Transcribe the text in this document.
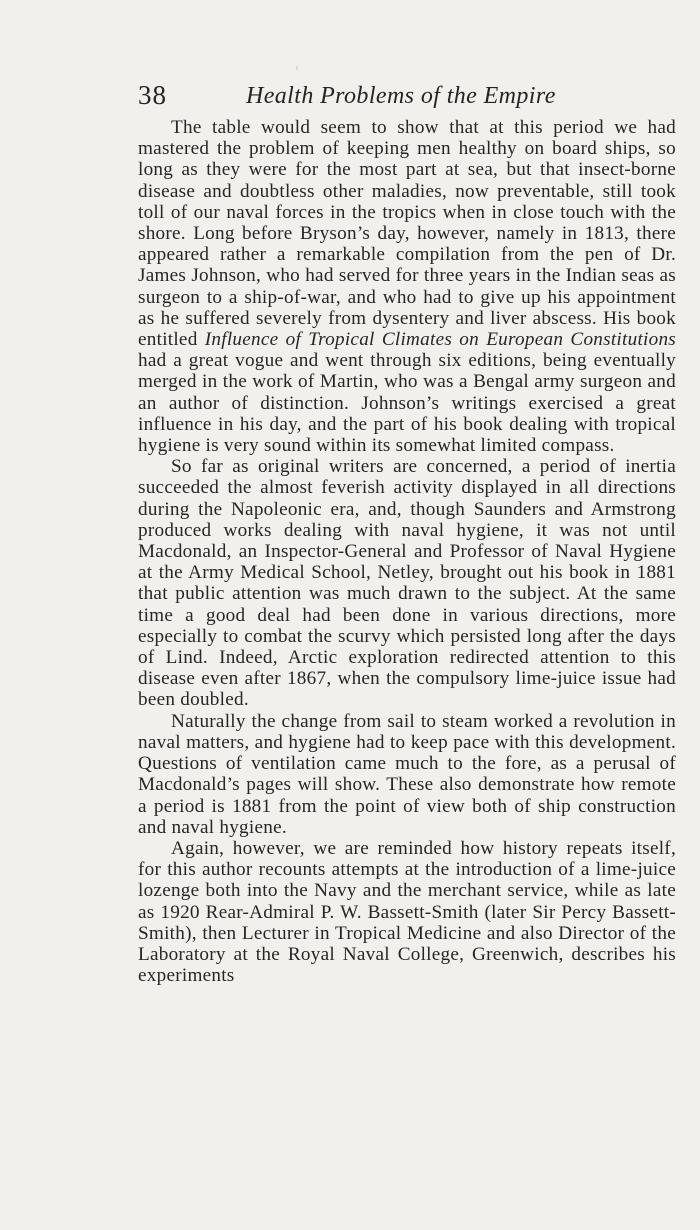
38	Health Problems of the Empire

The table would seem to show that at this period we had mastered the problem of keeping men healthy on board ships, so long as they were for the most part at sea, but that insect-borne disease and doubtless other maladies, now preventable, still took toll of our naval forces in the tropics when in close touch with the shore. Long before Bryson’s day, however, namely in 1813, there appeared rather a remarkable compilation from the pen of Dr. James Johnson, who had served for three years in the Indian seas as surgeon to a ship-of-war, and who had to give up his appointment as he suffered severely from dysentery and liver abscess. His book entitled Influence of Tropical Climates on European Constitutions had a great vogue and went through six editions, being eventually merged in the work of Martin, who was a Bengal army surgeon and an author of distinction. Johnson’s writings exercised a great influence in his day, and the part of his book dealing with tropical hygiene is very sound within its somewhat limited compass.

So far as original writers are concerned, a period of inertia succeeded the almost feverish activity displayed in all directions during the Napoleonic era, and, though Saunders and Armstrong produced works dealing with naval hygiene, it was not until Macdonald, an Inspector-General and Professor of Naval Hygiene at the Army Medical School, Netley, brought out his book in 1881 that public attention was much drawn to the subject. At the same time a good deal had been done in various directions, more especially to combat the scurvy which persisted long after the days of Lind. Indeed, Arctic exploration redirected attention to this disease even after 1867, when the compulsory lime-juice issue had been doubled.

Naturally the change from sail to steam worked a revolution in naval matters, and hygiene had to keep pace with this development. Questions of ventilation came much to the fore, as a perusal of Macdonald’s pages will show. These also demonstrate how remote a period is 1881 from the point of view both of ship construction and naval hygiene.

Again, however, we are reminded how history repeats itself, for this author recounts attempts at the introduction of a lime-juice lozenge both into the Navy and the merchant service, while as late as 1920 Rear-Admiral P. W. Bassett-Smith (later Sir Percy Bassett-Smith), then Lecturer in Tropical Medicine and also Director of the Laboratory at the Royal Naval College, Greenwich, describes his experiments
